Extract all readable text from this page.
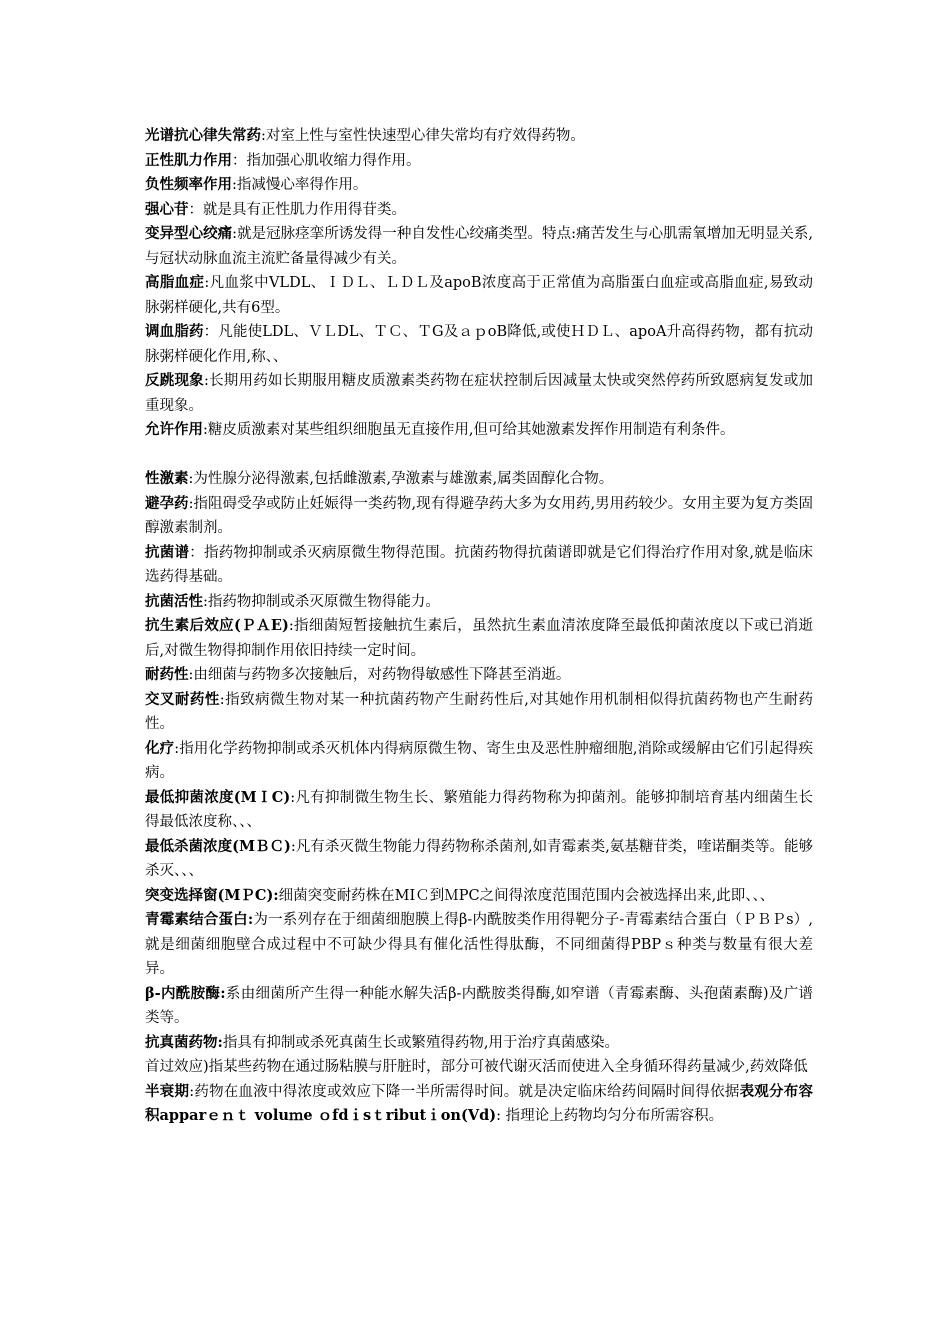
光谱抗心律失常药:对室上性与室性快速型心律失常均有疗效得药物。

正性肌力作用：指加强心肌收缩力得作用。

负性频率作用:指减慢心率得作用。

强心苷：就是具有正性肌力作用得苷类。

变异型心绞痛:就是冠脉痉挛所诱发得一种自发性心绞痛类型。特点:痛苦发生与心肌需氧增加无明显关系,与冠状动脉血流主流贮备量得减少有关。

高脂血症:凡血浆中VLDL、ＩＤＬ、ＬＤＬ及apoB浓度高于正常值为高脂蛋白血症或高脂血症,易致动脉粥样硬化,共有6型。

调血脂药：凡能使LDL、ＶＬDL、ＴＣ、ＴG及ａｐoB降低,或使ＨＤＬ、apoA升高得药物，都有抗动脉粥样硬化作用,称、、

反跳现象:长期用药如长期服用糖皮质激素类药物在症状控制后因减量太快或突然停药所致愿病复发或加重现象。

允许作用:糖皮质激素对某些组织细胞虽无直接作用,但可给其她激素发挥作用制造有利条件。

性激素:为性腺分泌得激素,包括雌激素,孕激素与雄激素,属类固醇化合物。

避孕药:指阻碍受孕或防止妊娠得一类药物,现有得避孕药大多为女用药,男用药较少。女用主要为复方类固醇激素制剂。

抗菌谱：指药物抑制或杀灭病原微生物得范围。抗菌药物得抗菌谱即就是它们得治疗作用对象,就是临床选药得基础。

抗菌活性:指药物抑制或杀灭原微生物得能力。

抗生素后效应(ＰＡE):指细菌短暂接触抗生素后，虽然抗生素血清浓度降至最低抑菌浓度以下或已消逝后,对微生物得抑制作用依旧持续一定时间。

耐药性:由细菌与药物多次接触后，对药物得敏感性下降甚至消逝。

交叉耐药性:指致病微生物对某一种抗菌药物产生耐药性后,对其她作用机制相似得抗菌药物也产生耐药性。

化疗:指用化学药物抑制或杀灭机体内得病原微生物、寄生虫及恶性肿瘤细胞,消除或缓解由它们引起得疾病。

最低抑菌浓度(MＩC):凡有抑制微生物生长、繁殖能力得药物称为抑菌剂。能够抑制培育基内细菌生长得最低浓度称、、、

最低杀菌浓度(MＢＣ):凡有杀灭微生物能力得药物称杀菌剂,如青霉素类,氨基糖苷类，喹诺酮类等。能够杀灭、、、

突变选择窗(MＰC):细菌突变耐药株在MIＣ到ＭPC之间得浓度范围范围内会被选择出来,此即、、、

青霉素结合蛋白:为一系列存在于细菌细胞膜上得β-内酰胺类作用得靶分子-青霉素结合蛋白（ＰＢＰs）,就是细菌细胞壁合成过程中不可缺少得具有催化活性得肽酶，不同细菌得PBPｓ种类与数量有很大差异。

β-内酰胺酶:系由细菌所产生得一种能水解失活β-内酰胺类得酶,如窄谱（青霉素酶、头孢菌素酶)及广谱类等。

抗真菌药物:指具有抑制或杀死真菌生长或繁殖得药物,用于治疗真菌感染。

首过效应)指某些药物在通过肠粘膜与肝脏时，部分可被代谢灭活而使进入全身循环得药量减少,药效降低

半衰期:药物在血液中得浓度或效应下降一半所需得时间。就是决定临床给药间隔时间得依据表观分布容积apparｅｎｔ voluｍe ｏfdｉsｔributｉon(Vd): 指理论上药物均匀分布所需容积。
